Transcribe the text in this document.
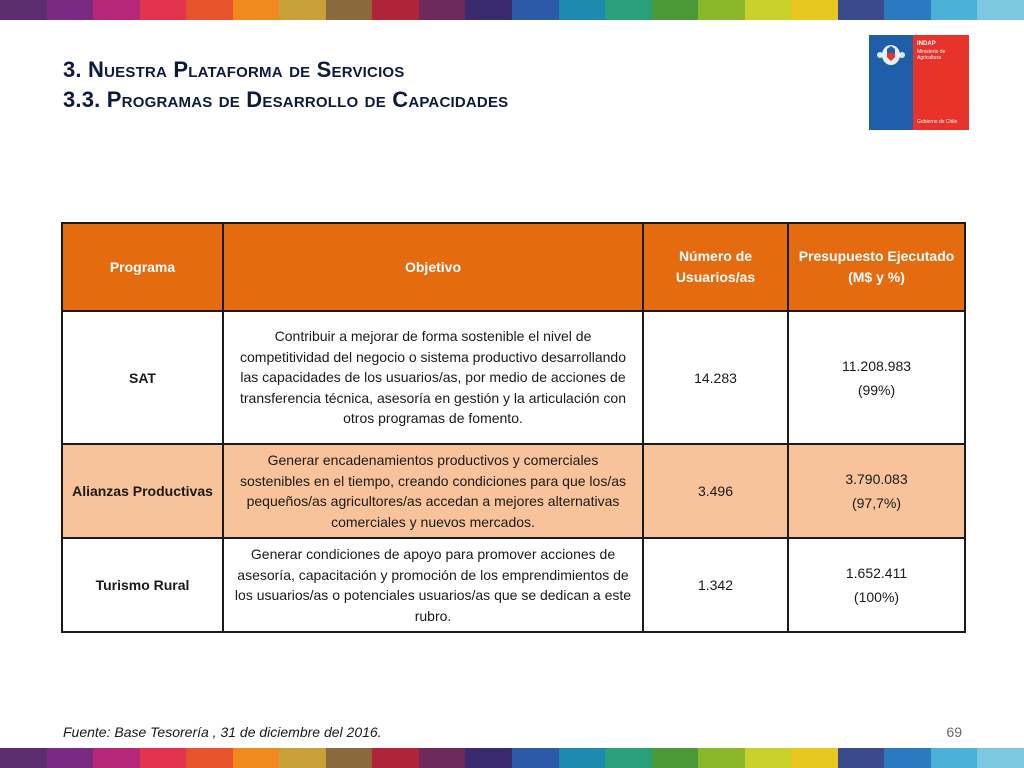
3. Nuestra Plataforma de Servicios
3.3. Programas de Desarrollo de Capacidades
INDAP
Ministerio de Agricultura
Gobierno de Chile
Programa	Objetivo	Número de Usuarios/as	Presupuesto Ejecutado (M$ y %)
SAT	Contribuir a mejorar de forma sostenible el nivel de competitividad del negocio o sistema productivo desarrollando las capacidades de los usuarios/as, por medio de acciones de transferencia técnica, asesoría en gestión y la articulación con otros programas de fomento.	14.283	11.208.983
(99%)

Alianzas Productivas	Generar encadenamientos productivos y comerciales sostenibles en el tiempo, creando condiciones para que los/as pequeños/as agricultores/as accedan a mejores alternativas comerciales y nuevos mercados.	3.496	3.790.083
(97,7%)

Turismo Rural	Generar condiciones de apoyo para promover acciones de asesoría, capacitación y promoción de los emprendimientos de los usuarios/as o potenciales usuarios/as que se dedican a este rubro.	1.342	1.652.411
(100%)
Fuente: Base Tesorería , 31 de diciembre del 2016.	69
